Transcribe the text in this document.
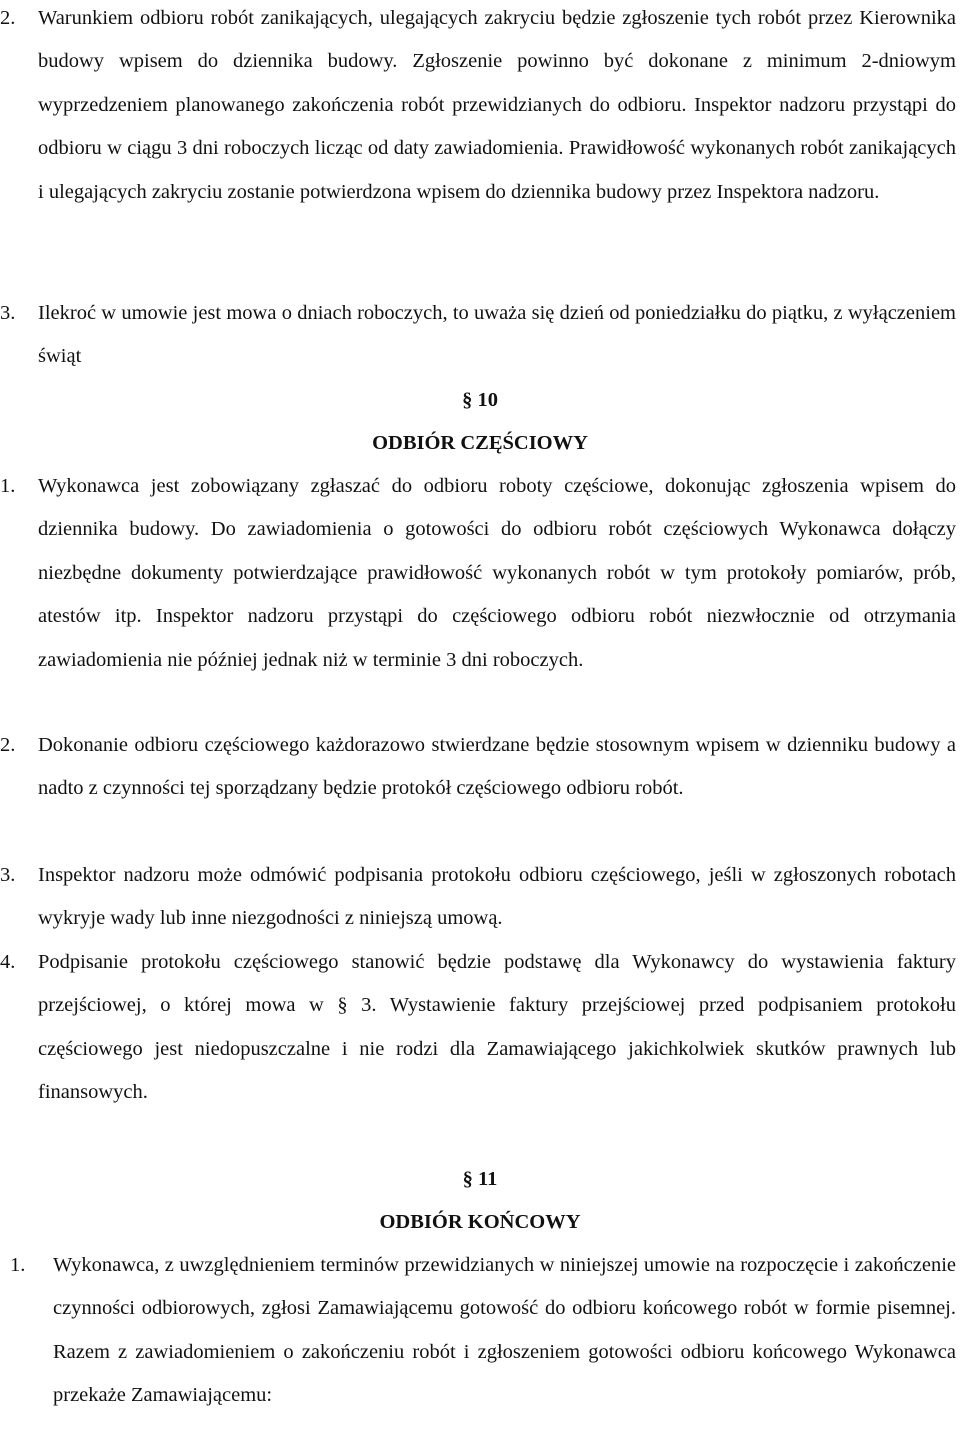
2.	Warunkiem odbioru robót zanikających, ulegających zakryciu będzie zgłoszenie tych robót przez Kierownika budowy wpisem do dziennika budowy. Zgłoszenie powinno być dokonane z minimum 2-dniowym wyprzedzeniem planowanego zakończenia robót przewidzianych do odbioru. Inspektor nadzoru przystąpi do odbioru w ciągu 3 dni roboczych licząc od daty zawiadomienia. Prawidłowość wykonanych robót zanikających i ulegających zakryciu zostanie potwierdzona wpisem do dziennika budowy przez Inspektora nadzoru.
3.	Ilekroć w umowie jest mowa o dniach roboczych, to uważa się dzień od poniedziałku do piątku, z wyłączeniem świąt
§ 10
ODBIÓR CZĘŚCIOWY
1.	Wykonawca jest zobowiązany zgłaszać do odbioru roboty częściowe, dokonując zgłoszenia wpisem do dziennika budowy. Do zawiadomienia o gotowości do odbioru robót częściowych Wykonawca dołączy niezbędne dokumenty potwierdzające prawidłowość wykonanych robót w tym protokoły pomiarów, prób, atestów itp. Inspektor nadzoru przystąpi do częściowego odbioru robót niezwłocznie od otrzymania zawiadomienia nie później jednak niż w terminie 3 dni roboczych.
2.	Dokonanie odbioru częściowego każdorazowo stwierdzane będzie stosownym wpisem w dzienniku budowy a nadto z czynności tej sporządzany będzie protokół częściowego odbioru robót.
3.	Inspektor nadzoru może odmówić podpisania protokołu odbioru częściowego, jeśli w zgłoszonych robotach wykryje wady lub inne niezgodności z niniejszą umową.
4.	Podpisanie protokołu częściowego stanowić będzie podstawę dla Wykonawcy do wystawienia faktury przejściowej, o której mowa w § 3. Wystawienie faktury przejściowej przed podpisaniem protokołu częściowego jest niedopuszczalne i nie rodzi dla Zamawiającego jakichkolwiek skutków prawnych lub finansowych.
§ 11
ODBIÓR KOŃCOWY
1.	Wykonawca, z uwzględnieniem terminów przewidzianych w niniejszej umowie na rozpoczęcie i zakończenie czynności odbiorowych, zgłosi Zamawiającemu gotowość do odbioru końcowego robót w formie pisemnej. Razem z zawiadomieniem o zakończeniu robót i zgłoszeniem gotowości odbioru końcowego Wykonawca przekaże Zamawiającemu:
